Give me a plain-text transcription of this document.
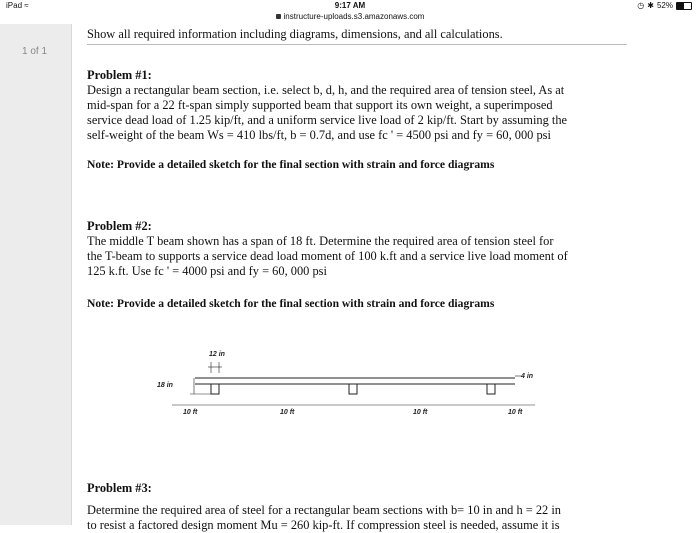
iPad ≈	9:17 AM	◷ ✱ 52%
instructure-uploads.s3.amazonaws.com
1 of 1
Show all required information including diagrams, dimensions, and all calculations.
Problem #1:
Design a rectangular beam section, i.e. select b, d, h, and the required area of tension steel, As at
mid-span for a 22 ft-span simply supported beam that support its own weight, a superimposed
service dead load of 1.25 kip/ft, and a uniform service live load of 2 kip/ft. Start by assuming the
self-weight of the beam Ws = 410 lbs/ft, b = 0.7d, and use fc ' = 4500 psi and fy = 60, 000 psi
Note: Provide a detailed sketch for the final section with strain and force diagrams
Problem #2:
The middle T beam shown has a span of 18 ft. Determine the required area of tension steel for
the T-beam to supports a service dead load moment of 100 k.ft and a service live load moment of
125 k.ft. Use fc ' = 4000 psi and fy = 60, 000 psi
Note: Provide a detailed sketch for the final section with strain and force diagrams
Problem #3:
Determine the required area of steel for a rectangular beam sections with b= 10 in and h = 22 in
to resist a factored design moment Mu = 260 kip-ft. If compression steel is needed, assume it is
12 in
18 in
4 in
10 ft	10 ft	10 ft	10 ft
